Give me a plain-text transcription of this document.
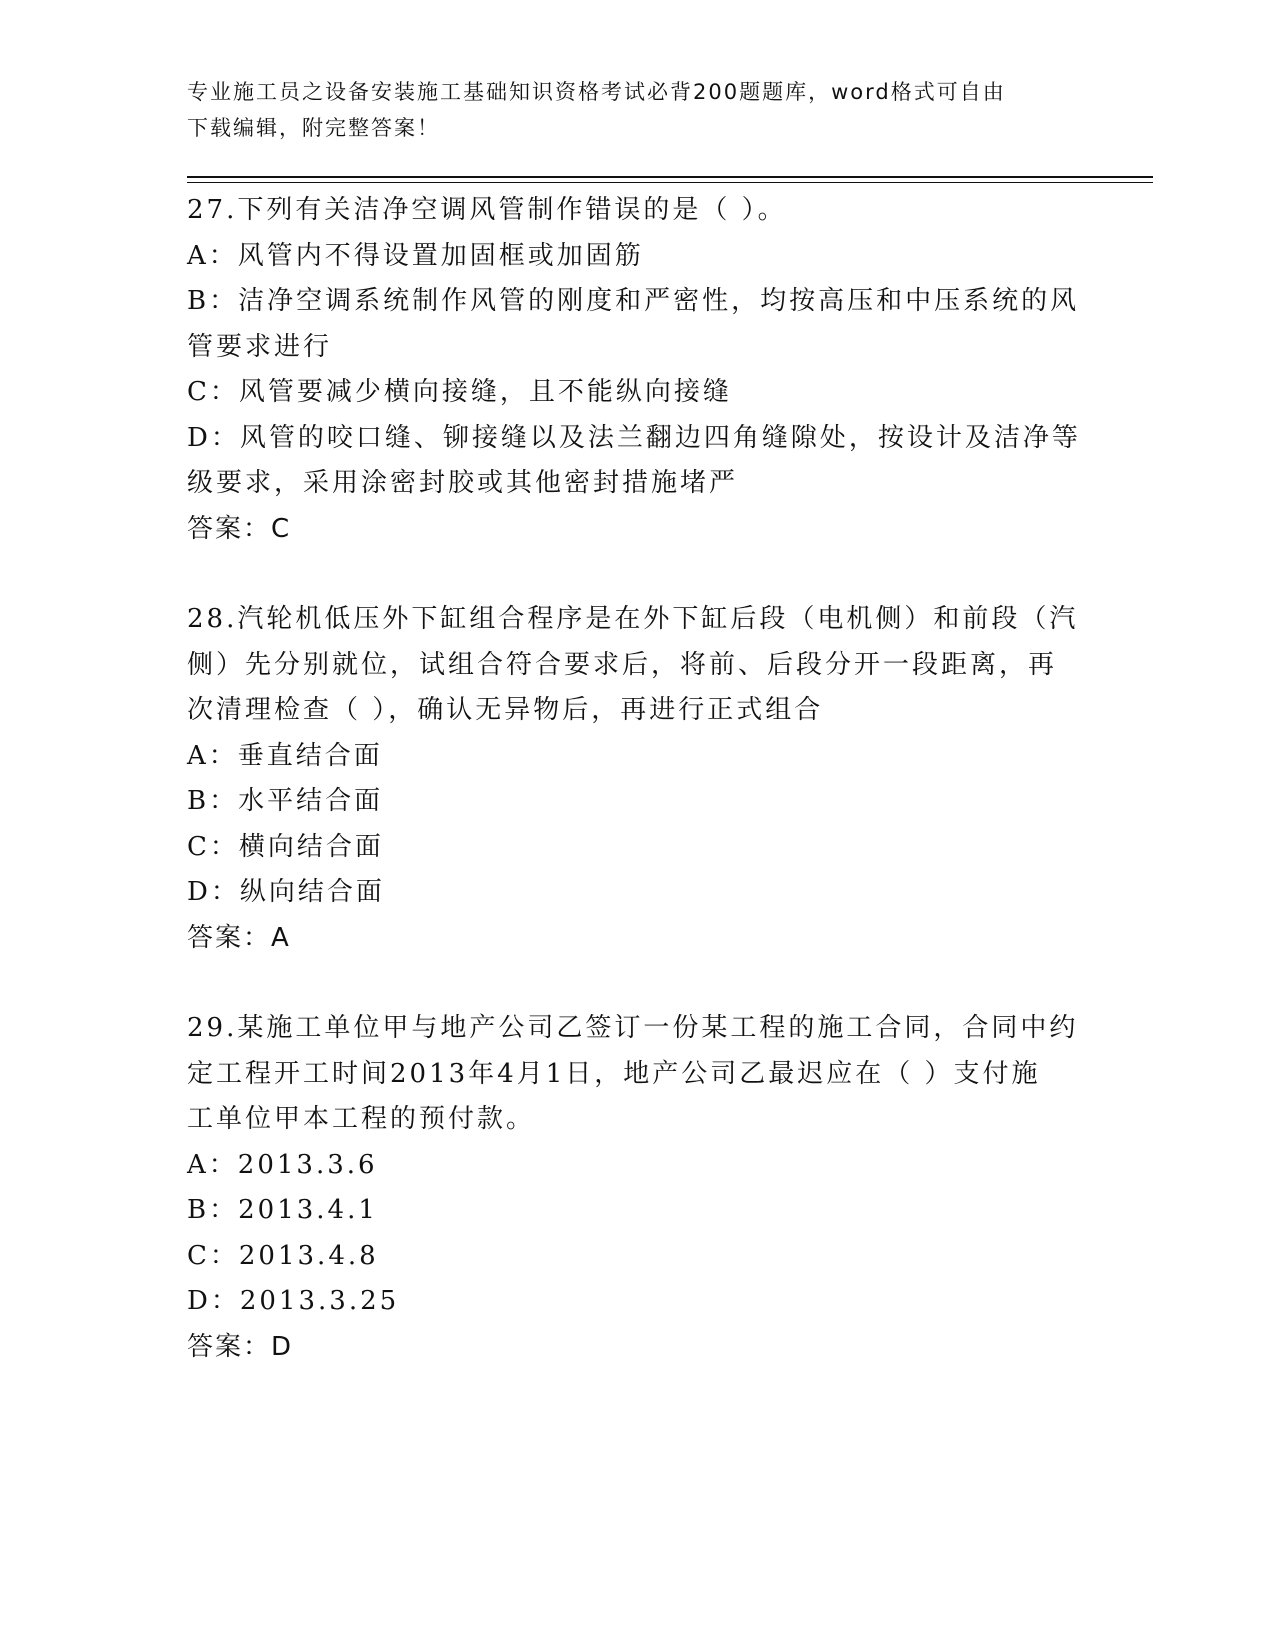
专业施工员之设备安装施工基础知识资格考试必背200题题库，word格式可自由
下载编辑，附完整答案！

27.下列有关洁净空调风管制作错误的是（ ）。

A：风管内不得设置加固框或加固筋

B：洁净空调系统制作风管的刚度和严密性，均按高压和中压系统的风

管要求进行

C：风管要减少横向接缝，且不能纵向接缝

D：风管的咬口缝、铆接缝以及法兰翻边四角缝隙处，按设计及洁净等

级要求，采用涂密封胶或其他密封措施堵严

答案：C

28.汽轮机低压外下缸组合程序是在外下缸后段（电机侧）和前段（汽

侧）先分别就位，试组合符合要求后，将前、后段分开一段距离，再

次清理检查（ ），确认无异物后，再进行正式组合

A：垂直结合面

B：水平结合面

C：横向结合面

D：纵向结合面

答案：A

29.某施工单位甲与地产公司乙签订一份某工程的施工合同，合同中约

定工程开工时间2013年4月1日，地产公司乙最迟应在（ ）支付施

工单位甲本工程的预付款。

A：2013.3.6

B：2013.4.1

C：2013.4.8

D：2013.3.25

答案：D
